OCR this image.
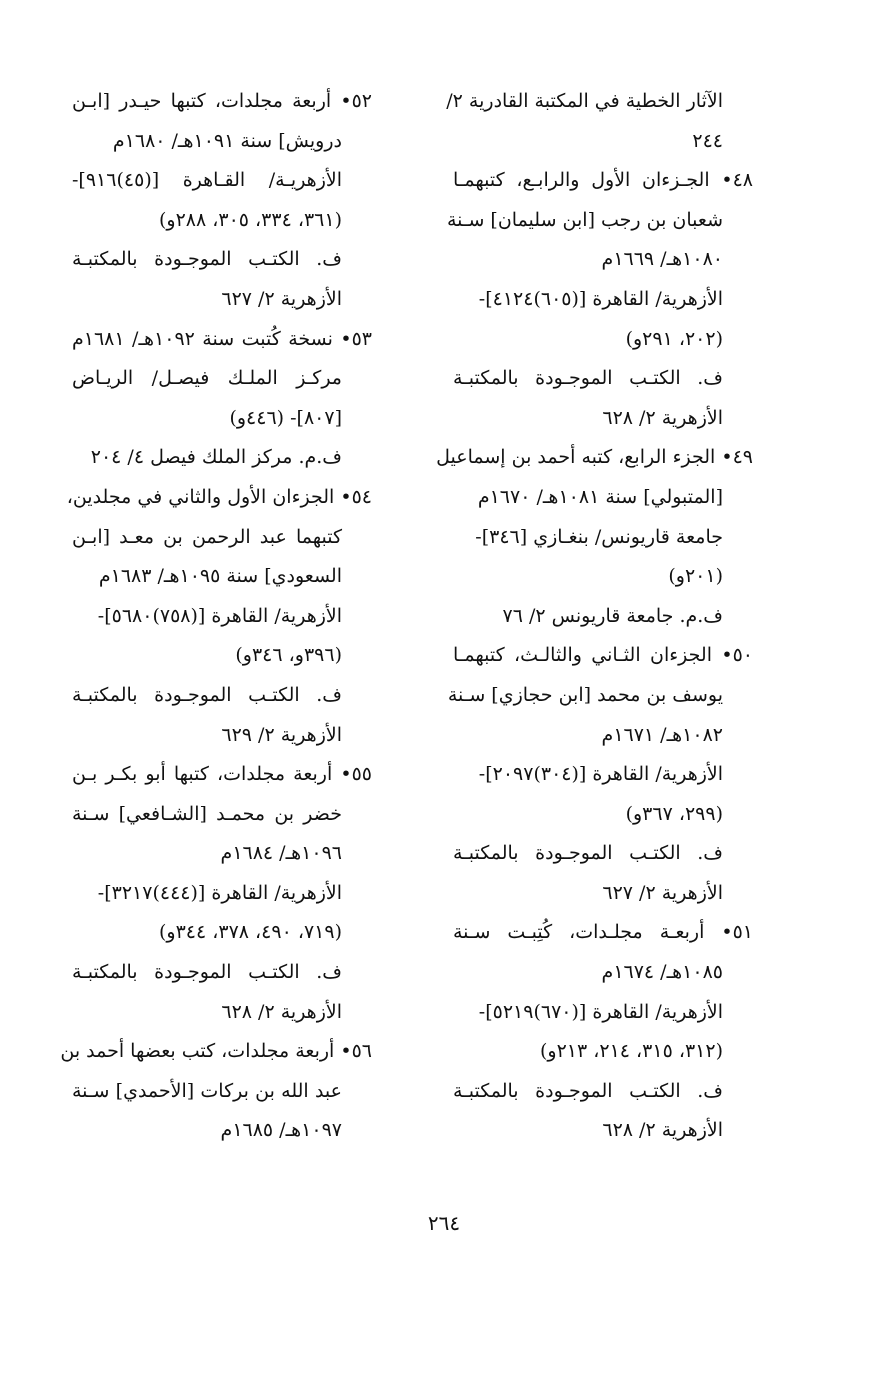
الآثار الخطية في المكتبة القادرية ٢/
٢٤٤
٤٨• الجـزءان الأول والرابـع، كتبهمـا
شعبان بن رجب [ابن سليمان] سـنة
١٠٨٠هـ/ ١٦٦٩م
الأزهرية/ القاهرة [(٦٠٥)٤١٢٤]-
(٢٠٢، ٢٩١و)
ف. الكتـب الموجـودة بالمكتبـة
الأزهرية ٢/ ٦٢٨
٤٩• الجزء الرابع، كتبه أحمد بن إسماعيل
[المتبولي] سنة ١٠٨١هـ/ ١٦٧٠م
جامعة قاريونس/ بنغـازي [٣٤٦]-
(٢٠١و)
ف.م. جامعة قاريونس ٢/ ٧٦
٥٠• الجزءان الثـاني والثالـث، كتبهمـا
يوسف بن محمد [ابن حجازي] سـنة
١٠٨٢هـ/ ١٦٧١م
الأزهرية/ القاهرة [(٣٠٤)٢٠٩٧]-
(٢٩٩، ٣٦٧و)
ف. الكتـب الموجـودة بالمكتبـة
الأزهرية ٢/ ٦٢٧
٥١• أربعـة مجلـدات، كُتِبـت سـنة
١٠٨٥هـ/ ١٦٧٤م
الأزهرية/ القاهرة [(٦٧٠)٥٢١٩]-
(٣١٢، ٣١٥، ٢١٤، ٢١٣و)
ف. الكتـب الموجـودة بالمكتبـة
الأزهرية ٢/ ٦٢٨
٥٢• أربعة مجلدات، كتبها حيـدر [ابـن
درويش] سنة ١٠٩١هـ/ ١٦٨٠م
الأزهريـة/ القـاهرة [(٤٥)٩١٦]-
(٣٦١، ٣٣٤، ٣٠٥، ٢٨٨و)
ف. الكتـب الموجـودة بالمكتبـة
الأزهرية ٢/ ٦٢٧
٥٣• نسخة كُتبت سنة ١٠٩٢هـ/ ١٦٨١م
مركـز الملـك فيصـل/ الريـاض
[٨٠٧]- (٤٤٦و)
ف.م. مركز الملك فيصل ٤/ ٢٠٤
٥٤• الجزءان الأول والثاني في مجلدين،
كتبهما عبد الرحمن بن معـد [ابـن
السعودي] سنة ١٠٩٥هـ/ ١٦٨٣م
الأزهرية/ القاهرة [(٧٥٨)٥٦٨٠]-
(٣٩٦و، ٣٤٦و)
ف. الكتـب الموجـودة بالمكتبـة
الأزهرية ٢/ ٦٢٩
٥٥• أربعة مجلدات، كتبها أبو بكـر بـن
خضر بن محمـد [الشـافعي] سـنة
١٠٩٦هـ/ ١٦٨٤م
الأزهرية/ القاهرة [(٤٤٤)٣٢١٧]-
(٧١٩، ٤٩٠، ٣٧٨، ٣٤٤و)
ف. الكتـب الموجـودة بالمكتبـة
الأزهرية ٢/ ٦٢٨
٥٦• أربعة مجلدات، كتب بعضها أحمد بن
عبد الله بن بركات [الأحمدي] سـنة
١٠٩٧هـ/ ١٦٨٥م
٢٦٤
